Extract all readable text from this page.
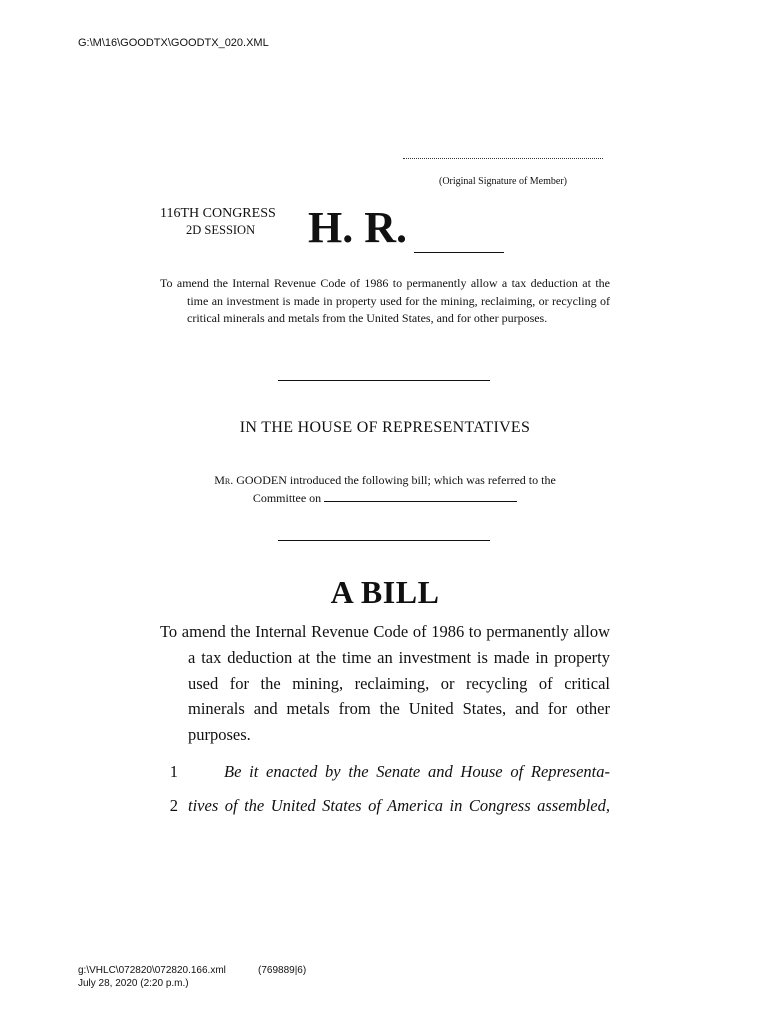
G:\M\16\GOODTX\GOODTX_020.XML
(Original Signature of Member)
116TH CONGRESS
2D SESSION H. R.
To amend the Internal Revenue Code of 1986 to permanently allow a tax deduction at the time an investment is made in property used for the mining, reclaiming, or recycling of critical minerals and metals from the United States, and for other purposes.
IN THE HOUSE OF REPRESENTATIVES
Mr. GOODEN introduced the following bill; which was referred to the
Committee on
A BILL
To amend the Internal Revenue Code of 1986 to permanently allow a tax deduction at the time an investment is made in property used for the mining, reclaiming, or recycling of critical minerals and metals from the United States, and for other purposes.
1	Be it enacted by the Senate and House of Representa-
2 tives of the United States of America in Congress assembled,
g:\VHLC\072820\072820.166.xml
July 28, 2020 (2:20 p.m.)
(769889|6)
